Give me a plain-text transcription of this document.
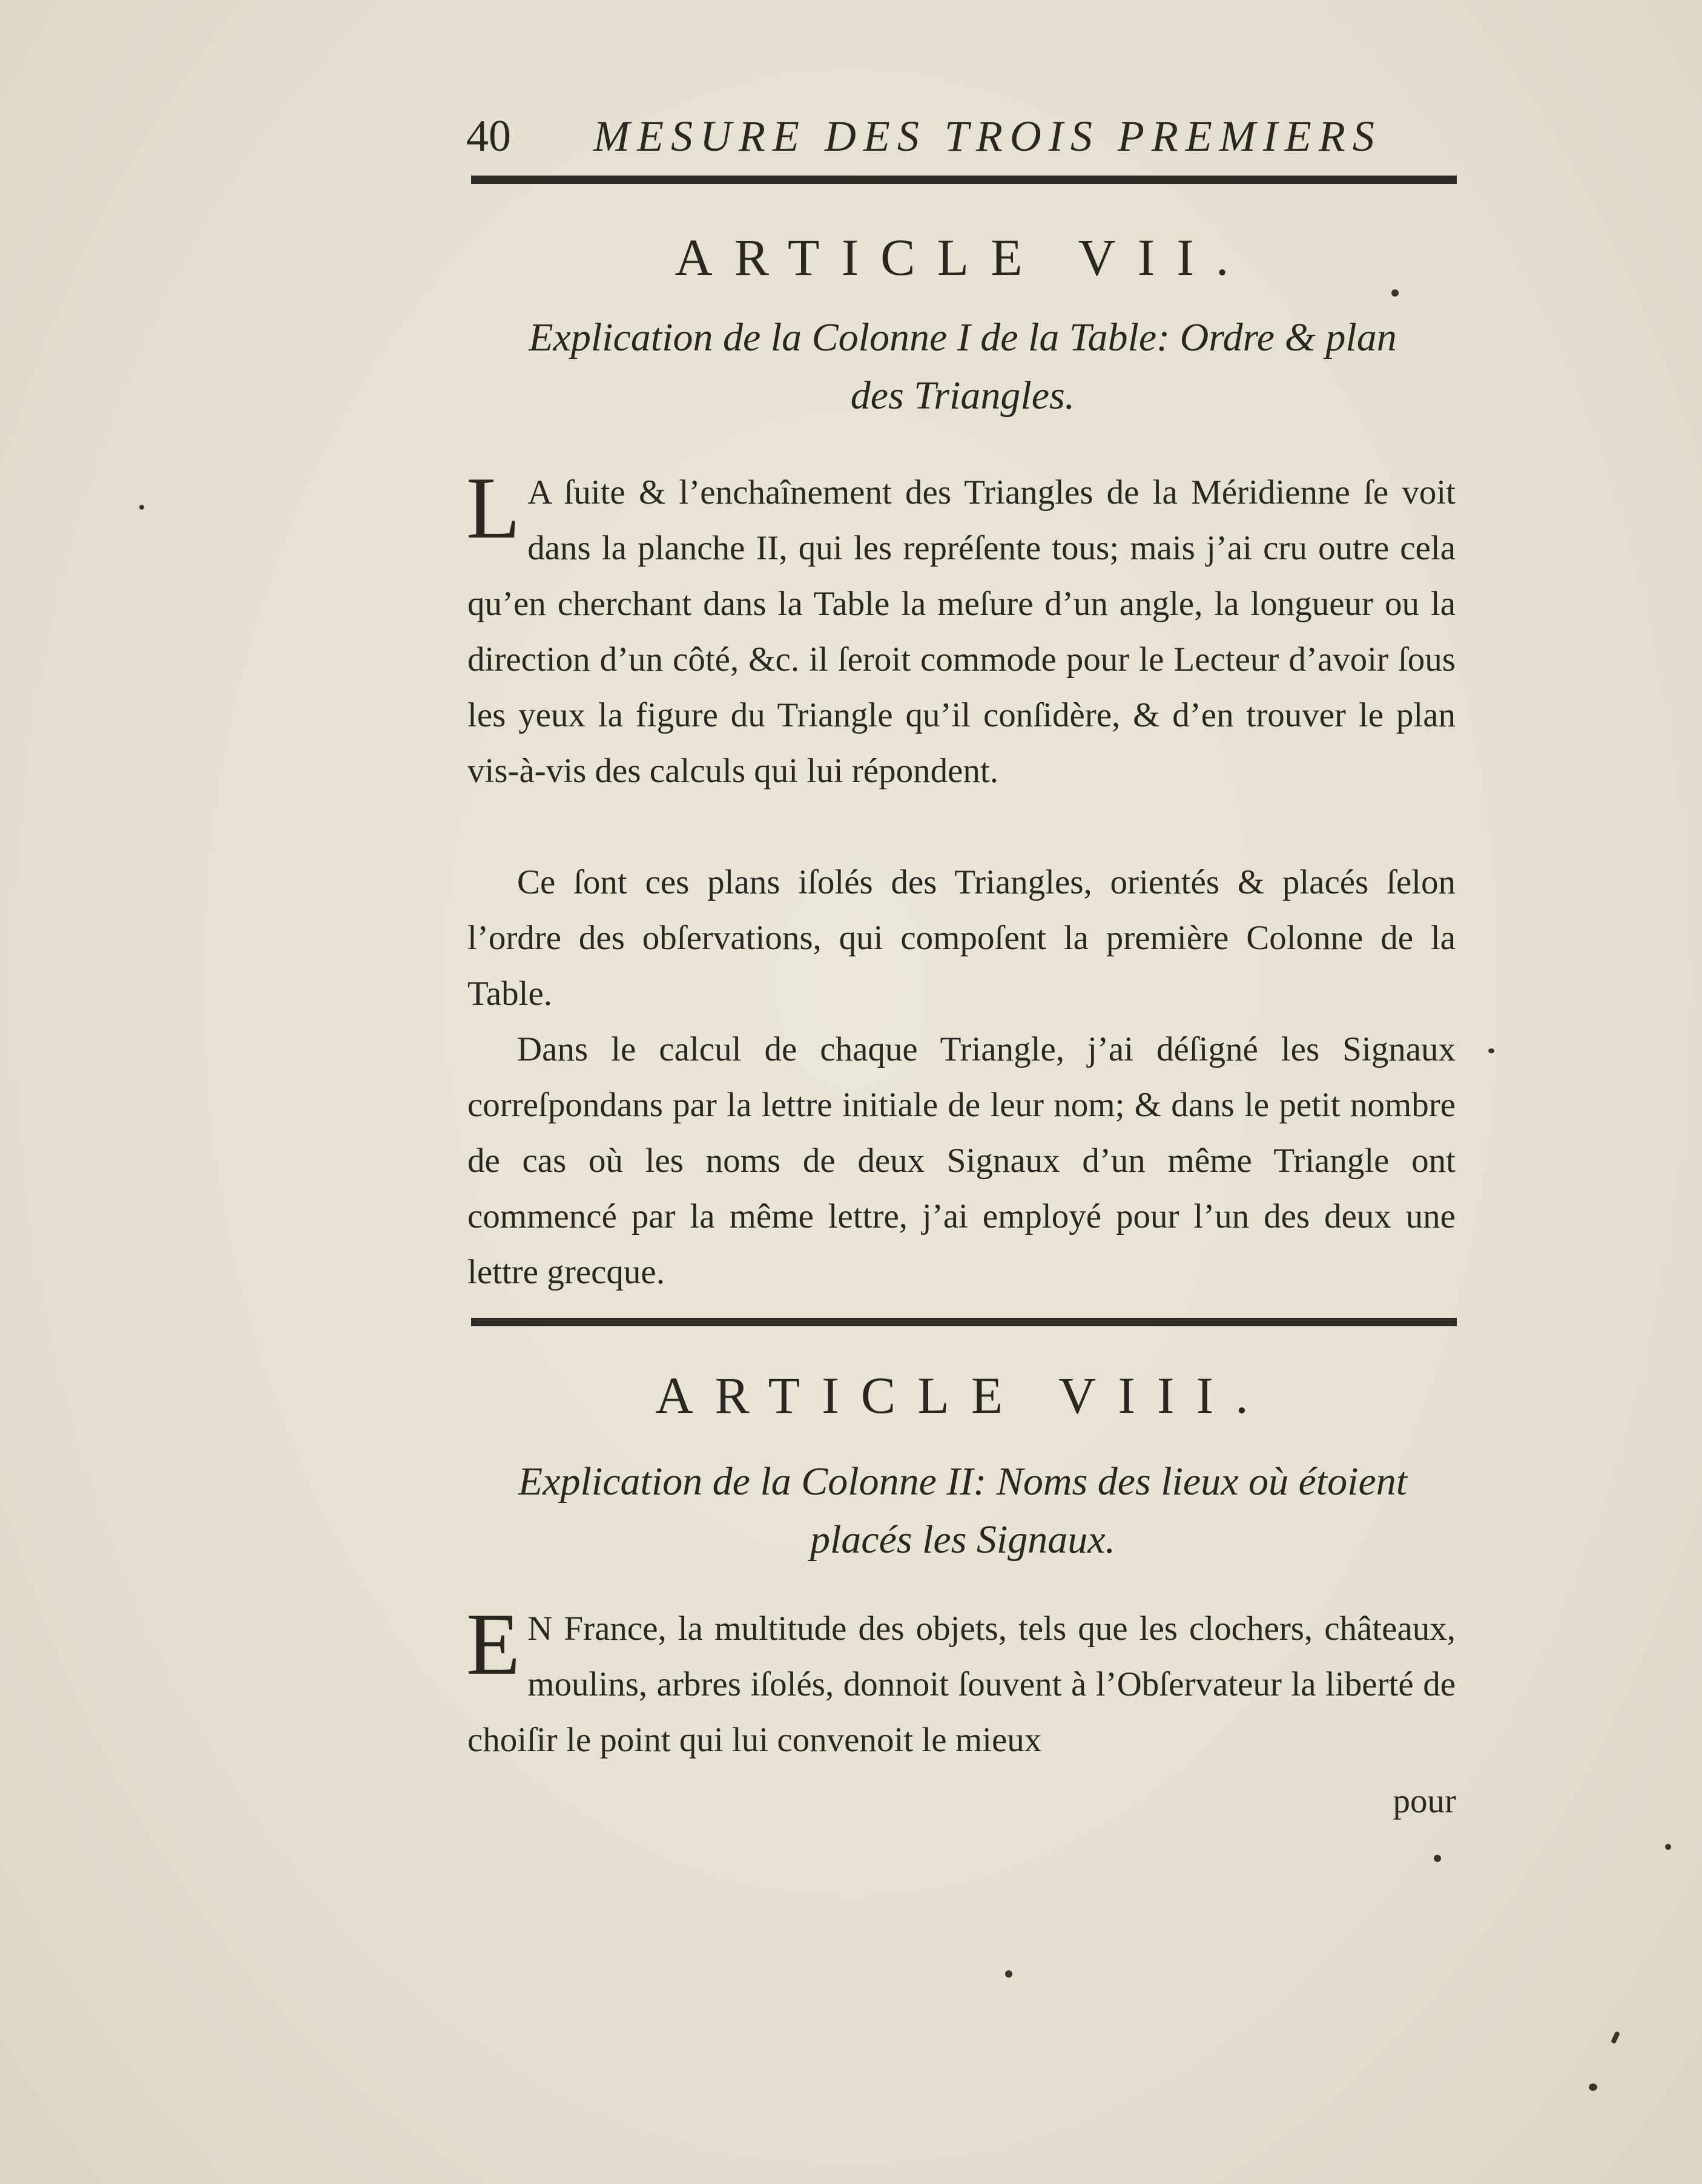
40 MESURE DES TROIS PREMIERS
ARTICLE VII.
Explication de la Colonne I de la Table: Ordre & plan
des Triangles.

L A ſuite & l’enchaînement des Triangles de la Méridienne ſe voit dans la planche II, qui les repréſente tous; mais j’ai cru outre cela qu’en cherchant dans la Table la meſure d’un angle, la longueur ou la direction d’un côté, &c. il ſeroit commode pour le Lecteur d’avoir ſous les yeux la figure du Triangle qu’il conſidère, & d’en trouver le plan vis-à-vis des calculs qui lui répondent.

Ce ſont ces plans iſolés des Triangles, orientés & placés ſelon l’ordre des obſervations, qui compoſent la première Colonne de la Table.

Dans le calcul de chaque Triangle, j’ai déſigné les Signaux correſpondans par la lettre initiale de leur nom; & dans le petit nombre de cas où les noms de deux Signaux d’un même Triangle ont commencé par la même lettre, j’ai employé pour l’un des deux une lettre grecque.

ARTICLE VIII.
Explication de la Colonne II: Noms des lieux où étoient
placés les Signaux.

E N France, la multitude des objets, tels que les clochers, châteaux, moulins, arbres iſolés, donnoit ſouvent à l’Obſervateur la liberté de choiſir le point qui lui convenoit le mieux

pour
